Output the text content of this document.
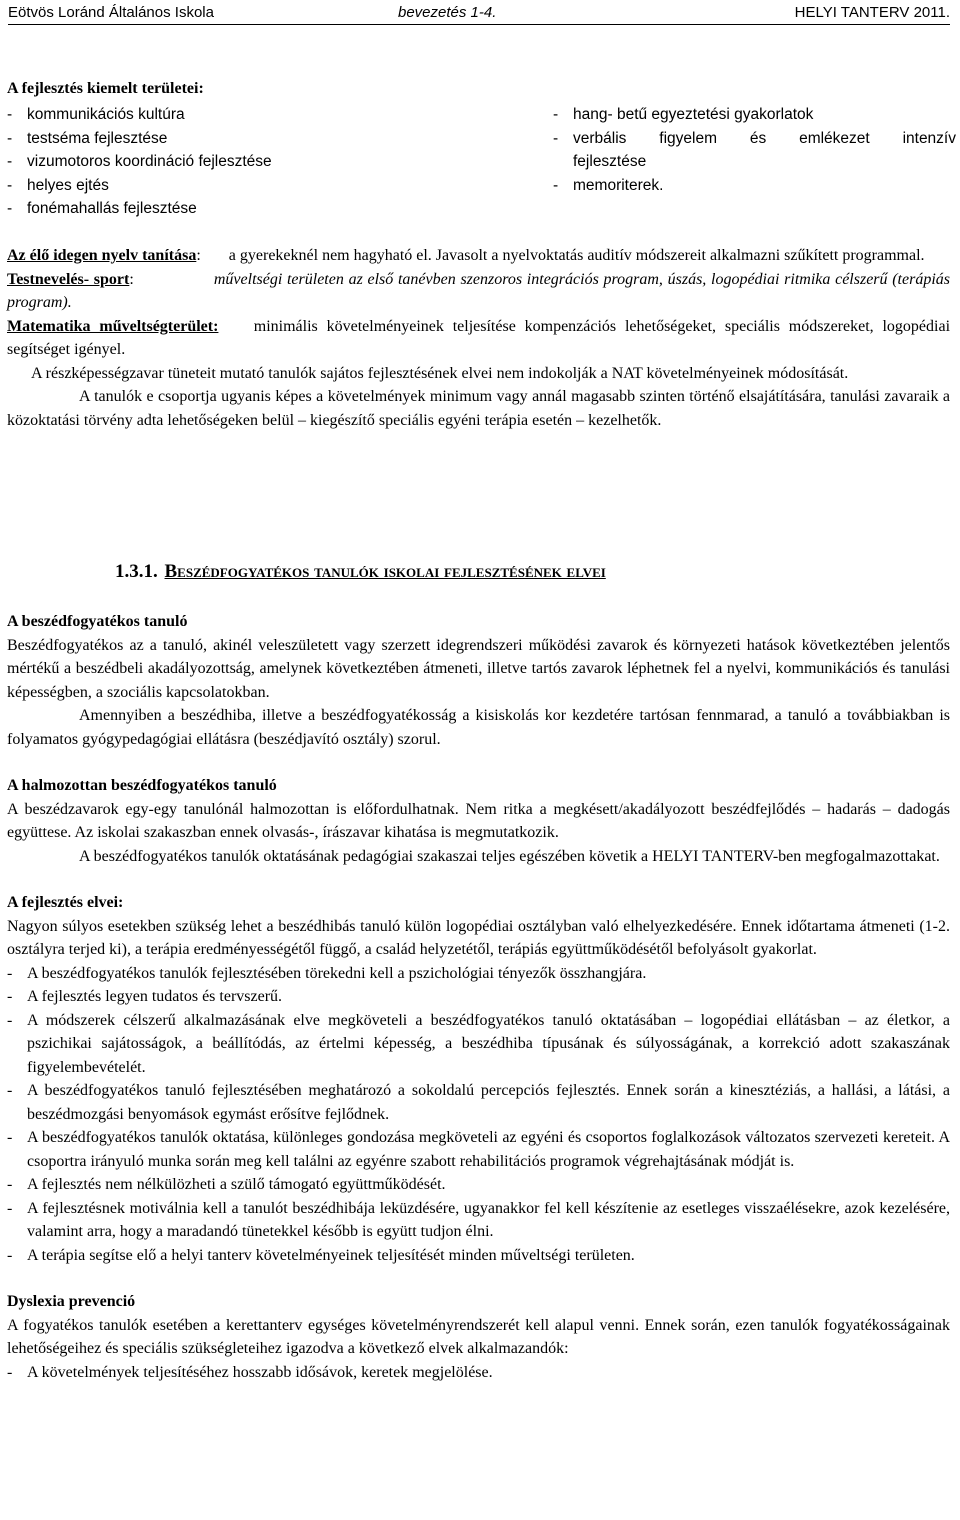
Eötvös Loránd Általános Iskola	bevezetés 1-4.	HELYI TANTERV 2011.

A fejlesztés kiemelt területei:

- kommunikációs kultúra
- testséma fejlesztése
- vizumotoros koordináció fejlesztése
- helyes ejtés
- fonémahallás fejlesztése
- hang- betű egyeztetési gyakorlatok
- verbális figyelem és emlékezet intenzív
fejlesztése
- memoriterek.

Az élő idegen nyelv tanítása: a gyerekeknél nem hagyható el. Javasolt a nyelvoktatás auditív módszereit alkalmazni szűkített programmal.

Testnevelés- sport:	műveltségi területen az első tanévben szenzoros integrációs program, úszás, logopédiai ritmika célszerű (terápiás program).

Matematika műveltségterület: minimális követelményeinek teljesítése kompenzációs lehetőségeket, speciális módszereket, logopédiai segítséget igényel.

A részképességzavar tüneteit mutató tanulók sajátos fejlesztésének elvei nem indokolják a NAT követelményeinek módosítását.

A tanulók e csoportja ugyanis képes a követelmények minimum vagy annál magasabb szinten történő elsajátítására, tanulási zavaraik a közoktatási törvény adta lehetőségeken belül – kiegészítő speciális egyéni terápia esetén – kezelhetők.

1.3.1. Beszédfogyatékos tanulók iskolai fejlesztésének elvei

A beszédfogyatékos tanuló

Beszédfogyatékos az a tanuló, akinél veleszületett vagy szerzett idegrendszeri működési zavarok és környezeti hatások következtében jelentős mértékű a beszédbeli akadályozottság, amelynek következtében átmeneti, illetve tartós zavarok léphetnek fel a nyelvi, kommunikációs és tanulási képességben, a szociális kapcsolatokban.

Amennyiben a beszédhiba, illetve a beszédfogyatékosság a kisiskolás kor kezdetére tartósan fennmarad, a tanuló a továbbiakban is folyamatos gyógypedagógiai ellátásra (beszédjavító osztály) szorul.

A halmozottan beszédfogyatékos tanuló

A beszédzavarok egy-egy tanulónál halmozottan is előfordulhatnak. Nem ritka a megkésett/akadályozott beszédfejlődés – hadarás – dadogás együttese. Az iskolai szakaszban ennek olvasás-, írászavar kihatása is megmutatkozik.

A beszédfogyatékos tanulók oktatásának pedagógiai szakaszai teljes egészében követik a HELYI TANTERV-ben megfogalmazottakat.

A fejlesztés elvei:

Nagyon súlyos esetekben szükség lehet a beszédhibás tanuló külön logopédiai osztályban való elhelyezkedésére. Ennek időtartama átmeneti (1-2. osztályra terjed ki), a terápia eredményességétől függő, a család helyzetétől, terápiás együttműködésétől befolyásolt gyakorlat.

- A beszédfogyatékos tanulók fejlesztésében törekedni kell a pszichológiai tényezők összhangjára.
- A fejlesztés legyen tudatos és tervszerű.
- A módszerek célszerű alkalmazásának elve megköveteli a beszédfogyatékos tanuló oktatásában – logopédiai ellátásban – az életkor, a pszichikai sajátosságok, a beállítódás, az értelmi képesség, a beszédhiba típusának és súlyosságának, a korrekció adott szakaszának figyelembevételét.
- A beszédfogyatékos tanuló fejlesztésében meghatározó a sokoldalú percepciós fejlesztés. Ennek során a kinesztéziás, a hallási, a látási, a beszédmozgási benyomások egymást erősítve fejlődnek.
- A beszédfogyatékos tanulók oktatása, különleges gondozása megköveteli az egyéni és csoportos foglalkozások változatos szervezeti kereteit. A csoportra irányuló munka során meg kell találni az egyénre szabott rehabilitációs programok végrehajtásának módját is.
- A fejlesztés nem nélkülözheti a szülő támogató együttműködését.
- A fejlesztésnek motiválnia kell a tanulót beszédhibája leküzdésére, ugyanakkor fel kell készítenie az esetleges visszaélésekre, azok kezelésére, valamint arra, hogy a maradandó tünetekkel később is együtt tudjon élni.
- A terápia segítse elő a helyi tanterv követelményeinek teljesítését minden műveltségi területen.

Dyslexia prevenció

A fogyatékos tanulók esetében a kerettanterv egységes követelményrendszerét kell alapul venni. Ennek során, ezen tanulók fogyatékosságainak lehetőségeihez és speciális szükségleteihez igazodva a következő elvek alkalmazandók:

- A követelmények teljesítéséhez hosszabb idősávok, keretek megjelölése.
